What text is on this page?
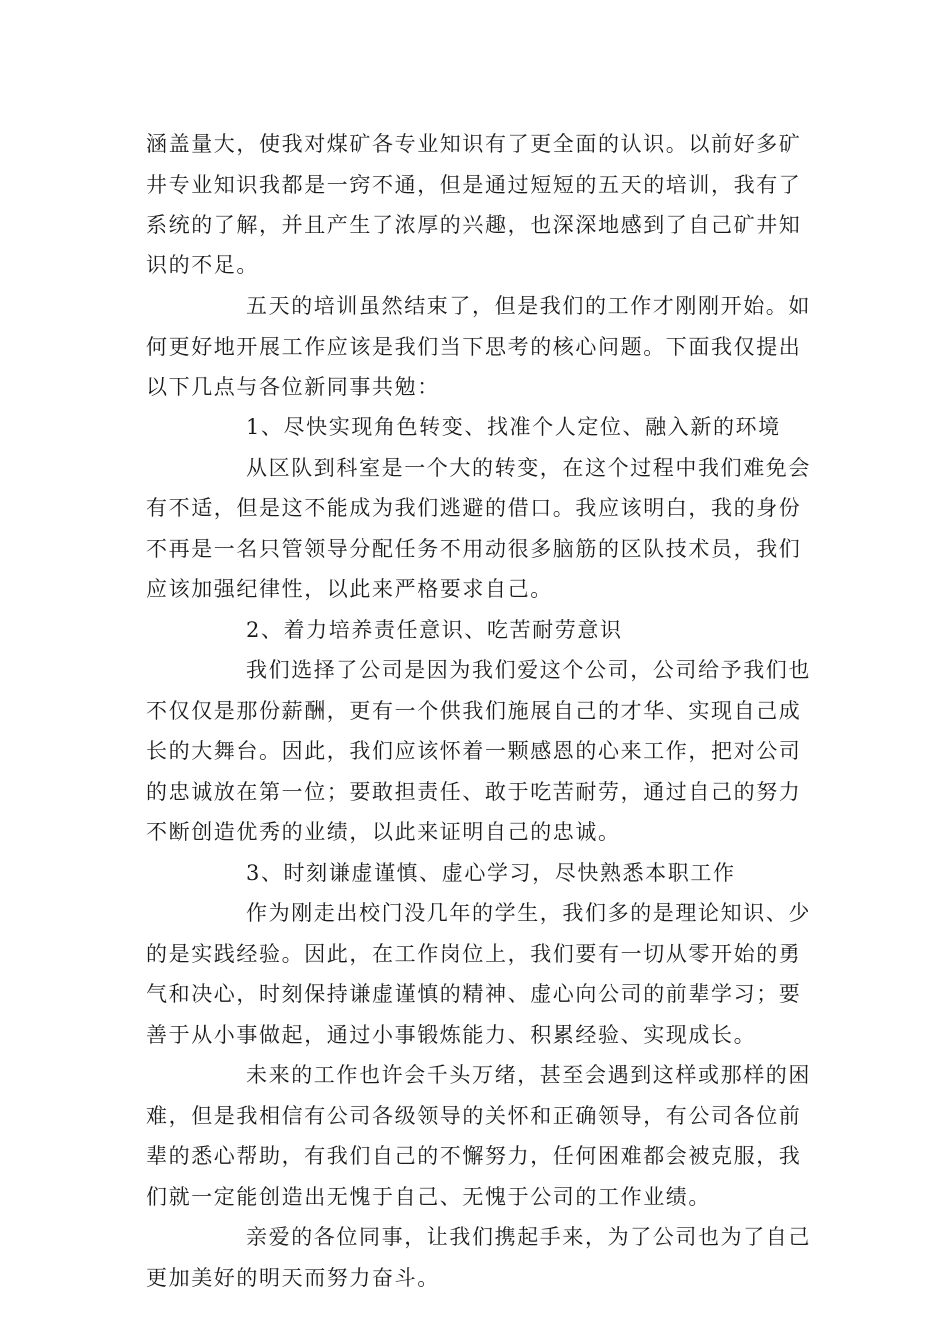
涵盖量大，使我对煤矿各专业知识有了更全面的认识。以前好多矿
井专业知识我都是一窍不通，但是通过短短的五天的培训，我有了
系统的了解，并且产生了浓厚的兴趣，也深深地感到了自己矿井知
识的不足。
五天的培训虽然结束了，但是我们的工作才刚刚开始。如
何更好地开展工作应该是我们当下思考的核心问题。下面我仅提出
以下几点与各位新同事共勉：
1、尽快实现角色转变、找准个人定位、融入新的环境
从区队到科室是一个大的转变，在这个过程中我们难免会
有不适，但是这不能成为我们逃避的借口。我应该明白，我的身份
不再是一名只管领导分配任务不用动很多脑筋的区队技术员，我们
应该加强纪律性，以此来严格要求自己。
2、着力培养责任意识、吃苦耐劳意识
我们选择了公司是因为我们爱这个公司，公司给予我们也
不仅仅是那份薪酬，更有一个供我们施展自己的才华、实现自己成
长的大舞台。因此，我们应该怀着一颗感恩的心来工作，把对公司
的忠诚放在第一位；要敢担责任、敢于吃苦耐劳，通过自己的努力
不断创造优秀的业绩，以此来证明自己的忠诚。
3、时刻谦虚谨慎、虚心学习，尽快熟悉本职工作
作为刚走出校门没几年的学生，我们多的是理论知识、少
的是实践经验。因此，在工作岗位上，我们要有一切从零开始的勇
气和决心，时刻保持谦虚谨慎的精神、虚心向公司的前辈学习；要
善于从小事做起，通过小事锻炼能力、积累经验、实现成长。
未来的工作也许会千头万绪，甚至会遇到这样或那样的困
难，但是我相信有公司各级领导的关怀和正确领导，有公司各位前
辈的悉心帮助，有我们自己的不懈努力，任何困难都会被克服，我
们就一定能创造出无愧于自己、无愧于公司的工作业绩。
亲爱的各位同事，让我们携起手来，为了公司也为了自己
更加美好的明天而努力奋斗。
